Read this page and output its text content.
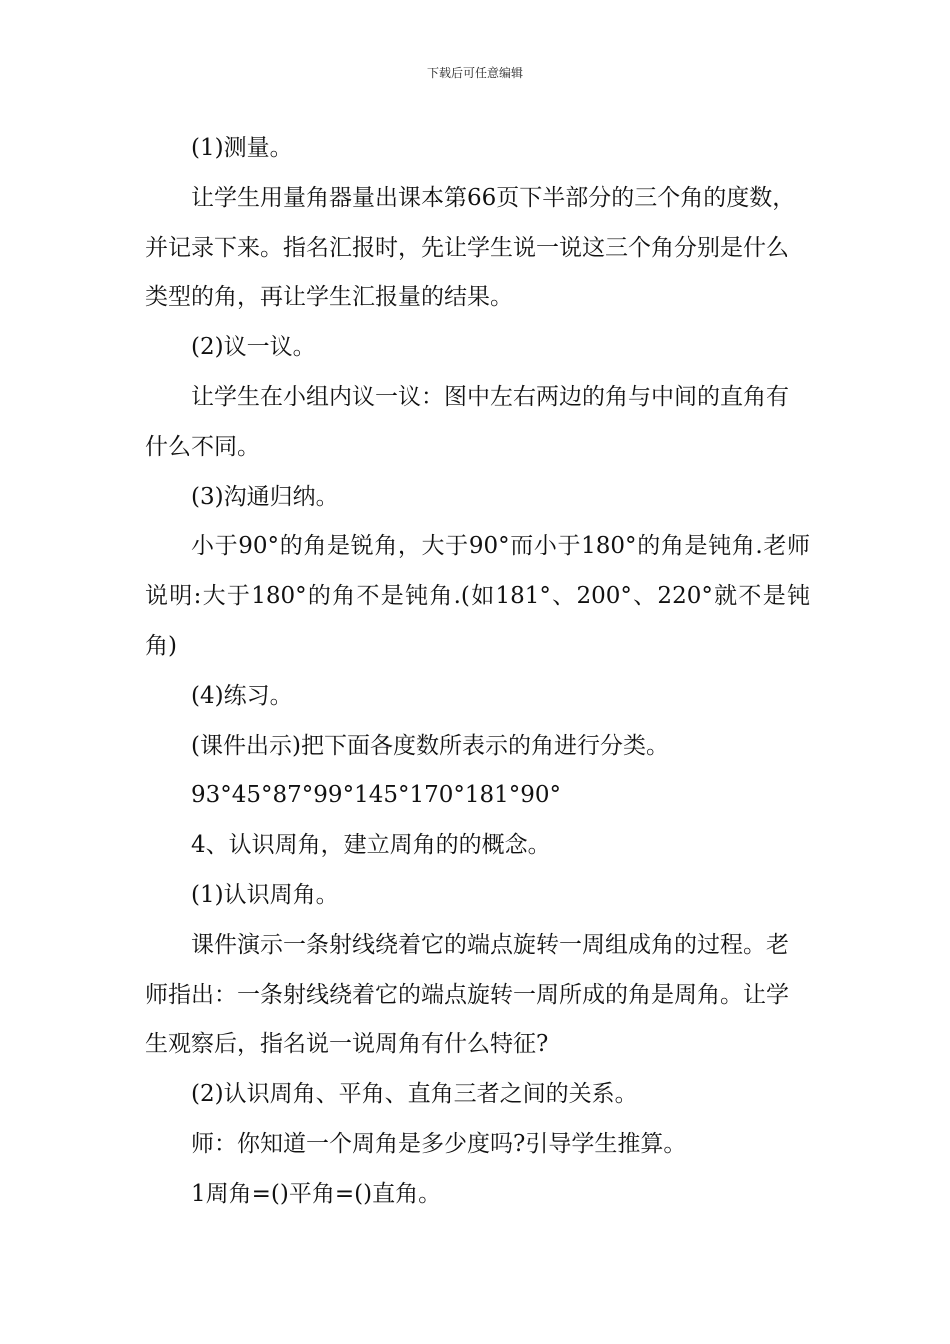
下载后可任意编辑

(1)测量。

让学生用量角器量出课本第66页下半部分的三个角的度数，并记录下来。指名汇报时，先让学生说一说这三个角分别是什么类型的角，再让学生汇报量的结果。

(2)议一议。

让学生在小组内议一议：图中左右两边的角与中间的直角有什么不同。

(3)沟通归纳。

小于90°的角是锐角，大于90°而小于180°的角是钝角.老师说明:大于180°的角不是钝角.(如181°、200°、220°就不是钝角)

(4)练习。

(课件出示)把下面各度数所表示的角进行分类。

93°45°87°99°145°170°181°90°

4、认识周角，建立周角的的概念。

(1)认识周角。

课件演示一条射线绕着它的端点旋转一周组成角的过程。老师指出：一条射线绕着它的端点旋转一周所成的角是周角。让学生观察后，指名说一说周角有什么特征?

(2)认识周角、平角、直角三者之间的关系。

师：你知道一个周角是多少度吗?引导学生推算。

1周角=()平角=()直角。
